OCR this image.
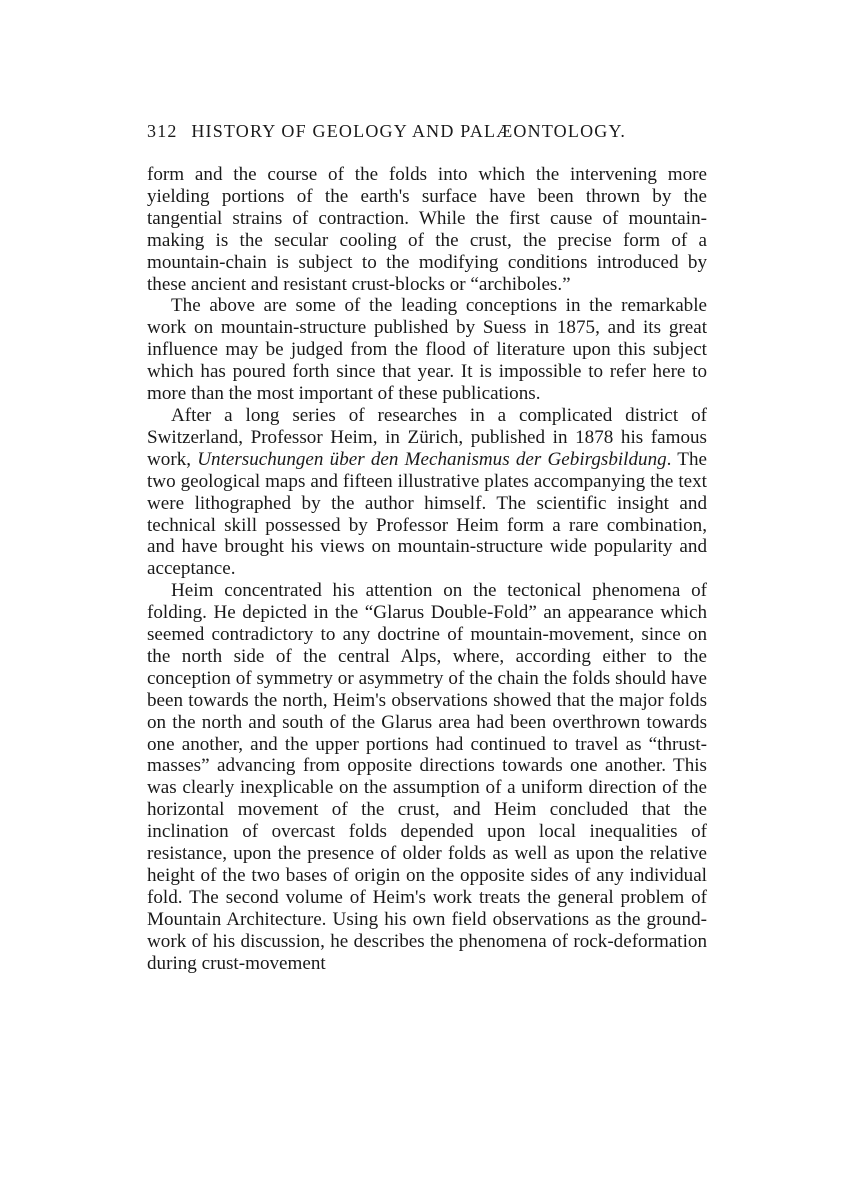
312 HISTORY OF GEOLOGY AND PALÆONTOLOGY.

form and the course of the folds into which the intervening more yielding portions of the earth's surface have been thrown by the tangential strains of contraction. While the first cause of mountain-making is the secular cooling of the crust, the precise form of a mountain-chain is subject to the modifying conditions introduced by these ancient and resistant crust-blocks or “archiboles.”

The above are some of the leading conceptions in the remarkable work on mountain-structure published by Suess in 1875, and its great influence may be judged from the flood of literature upon this subject which has poured forth since that year. It is impossible to refer here to more than the most important of these publications.

After a long series of researches in a complicated district of Switzerland, Professor Heim, in Zürich, published in 1878 his famous work, Untersuchungen über den Mechanismus der Gebirgsbildung. The two geological maps and fifteen illustrative plates accompanying the text were lithographed by the author himself. The scientific insight and technical skill possessed by Professor Heim form a rare combination, and have brought his views on mountain-structure wide popularity and acceptance.

Heim concentrated his attention on the tectonical phenomena of folding. He depicted in the “Glarus Double-Fold” an appearance which seemed contradictory to any doctrine of mountain-movement, since on the north side of the central Alps, where, according either to the conception of symmetry or asymmetry of the chain the folds should have been towards the north, Heim's observations showed that the major folds on the north and south of the Glarus area had been overthrown towards one another, and the upper portions had continued to travel as “thrust-masses” advancing from opposite directions towards one another. This was clearly inexplicable on the assumption of a uniform direction of the horizontal movement of the crust, and Heim concluded that the inclination of overcast folds depended upon local inequalities of resistance, upon the presence of older folds as well as upon the relative height of the two bases of origin on the opposite sides of any individual fold. The second volume of Heim's work treats the general problem of Mountain Architecture. Using his own field observations as the ground-work of his discussion, he describes the phenomena of rock-deformation during crust-movement
